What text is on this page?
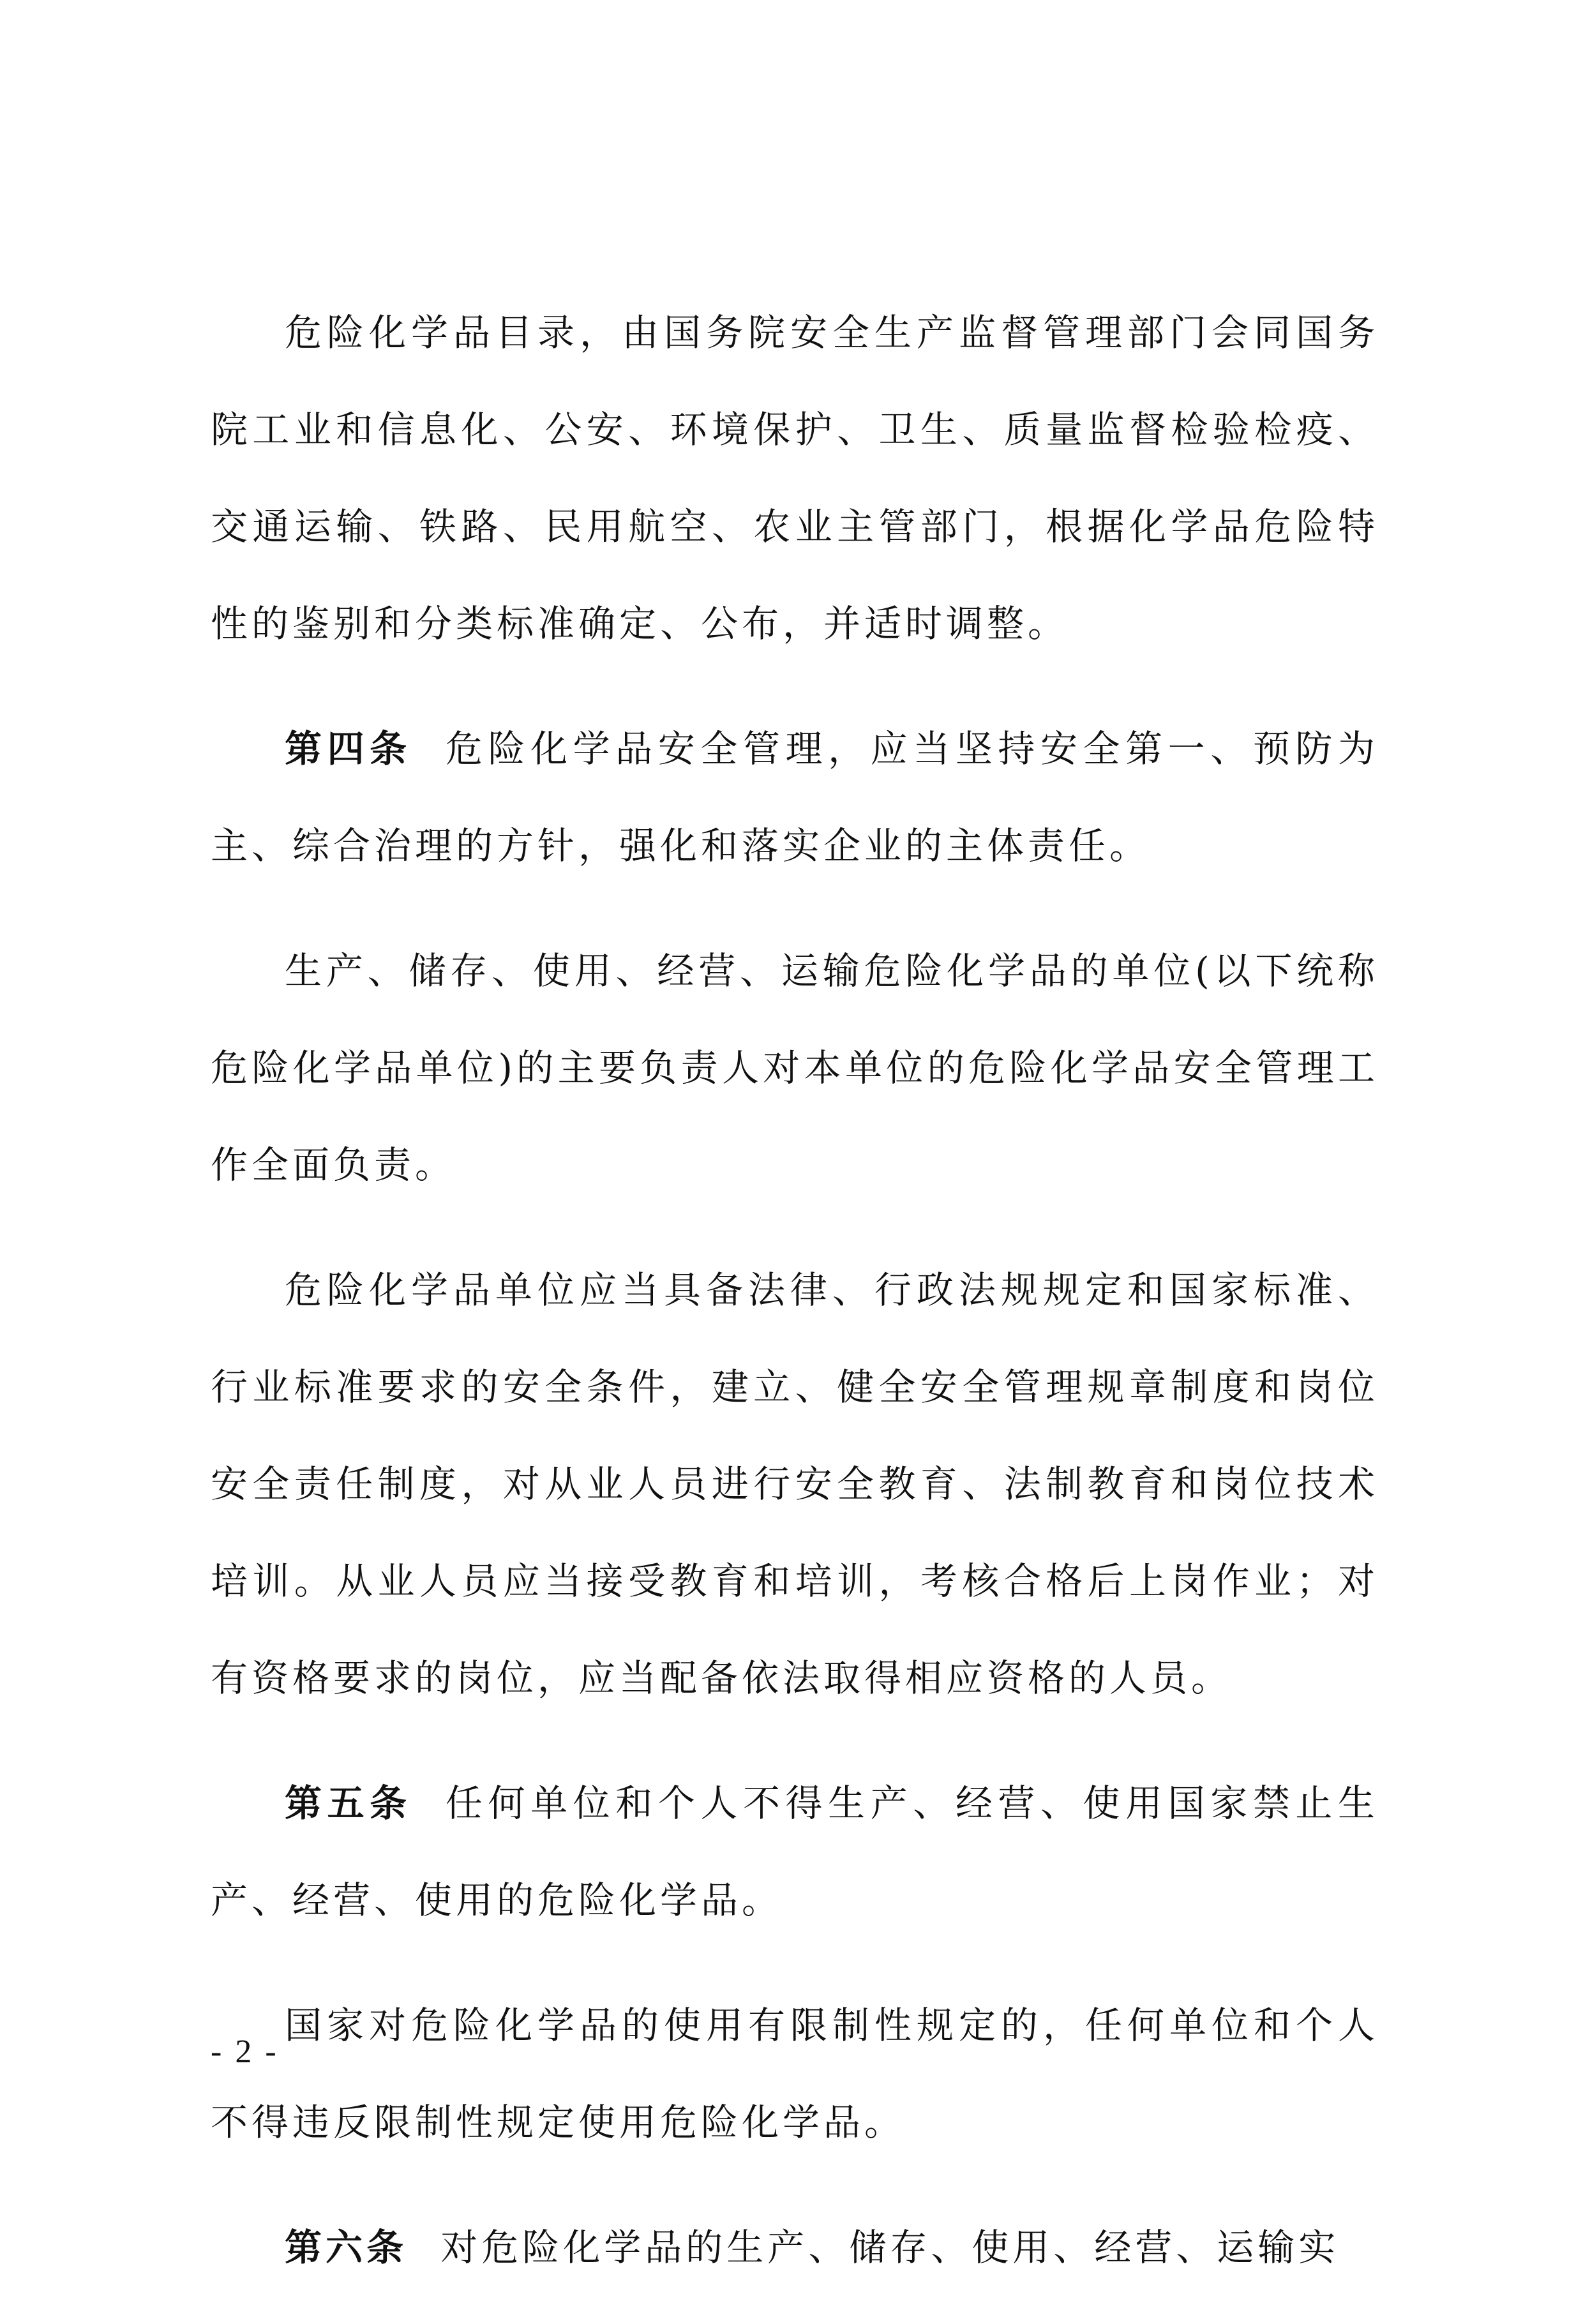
危险化学品目录，由国务院安全生产监督管理部门会同国务院工业和信息化、公安、环境保护、卫生、质量监督检验检疫、交通运输、铁路、民用航空、农业主管部门，根据化学品危险特性的鉴别和分类标准确定、公布，并适时调整。

第四条 危险化学品安全管理，应当坚持安全第一、预防为主、综合治理的方针，强化和落实企业的主体责任。

生产、储存、使用、经营、运输危险化学品的单位(以下统称危险化学品单位)的主要负责人对本单位的危险化学品安全管理工作全面负责。

危险化学品单位应当具备法律、行政法规规定和国家标准、行业标准要求的安全条件，建立、健全安全管理规章制度和岗位安全责任制度，对从业人员进行安全教育、法制教育和岗位技术培训。从业人员应当接受教育和培训，考核合格后上岗作业；对有资格要求的岗位，应当配备依法取得相应资格的人员。

第五条 任何单位和个人不得生产、经营、使用国家禁止生产、经营、使用的危险化学品。

国家对危险化学品的使用有限制性规定的，任何单位和个人不得违反限制性规定使用危险化学品。

第六条 对危险化学品的生产、储存、使用、经营、运输实

- 2 -
